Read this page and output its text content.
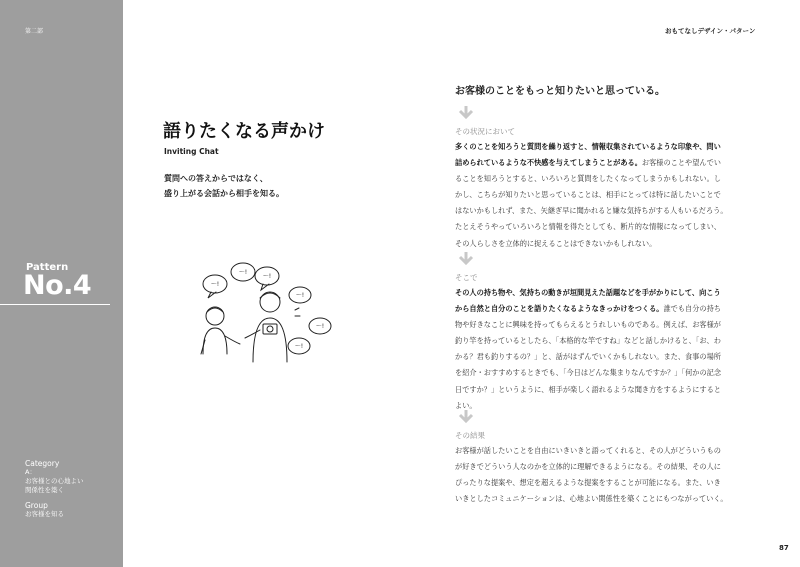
第二部
Pattern
No.4
Category
A：
お客様との心地よい
関係性を築く
Group
お客様を知る
おもてなしデザイン・パターン
語りたくなる声かけ
Inviting Chat
質問への答えからではなく、
盛り上がる会話から相手を知る。
〜!
〜!
〜!
〜!
〜!
〜!
お客様のことをもっと知りたいと思っている。
その状況において
多くのことを知ろうと質問を繰り返すと、情報収集されているような印象や、問い
詰められているような不快感を与えてしまうことがある。お客様のことや望んでい
ることを知ろうとすると、いろいろと質問をしたくなってしまうかもしれない。し
かし、こちらが知りたいと思っていることは、相手にとっては特に話したいことで
はないかもしれず、また、矢継ぎ早に聞かれると嫌な気持ちがする人もいるだろう。
たとえそうやっていろいろと情報を得たとしても、断片的な情報になってしまい、
その人らしさを立体的に捉えることはできないかもしれない。
そこで
その人の持ち物や、気持ちの動きが垣間見えた話題などを手がかりにして、向こう
から自然と自分のことを語りたくなるようなきっかけをつくる。誰でも自分の持ち
物や好きなことに興味を持ってもらえるとうれしいものである。例えば、お客様が
釣り竿を持っているとしたら、「本格的な竿ですね」などと話しかけると、「お、わ
かる？君も釣りするの？」と、話がはずんでいくかもしれない。また、食事の場所
を紹介・おすすめするときでも、「今日はどんな集まりなんですか？」「何かの記念
日ですか？」というように、相手が楽しく語れるような聞き方をするようにすると
よい。
その結果
お客様が話したいことを自由にいきいきと語ってくれると、その人がどういうもの
が好きでどういう人なのかを立体的に理解できるようになる。その結果、その人に
ぴったりな提案や、想定を超えるような提案をすることが可能になる。また、いき
いきとしたコミュニケーションは、心地よい関係性を築くことにもつながっていく。
87
